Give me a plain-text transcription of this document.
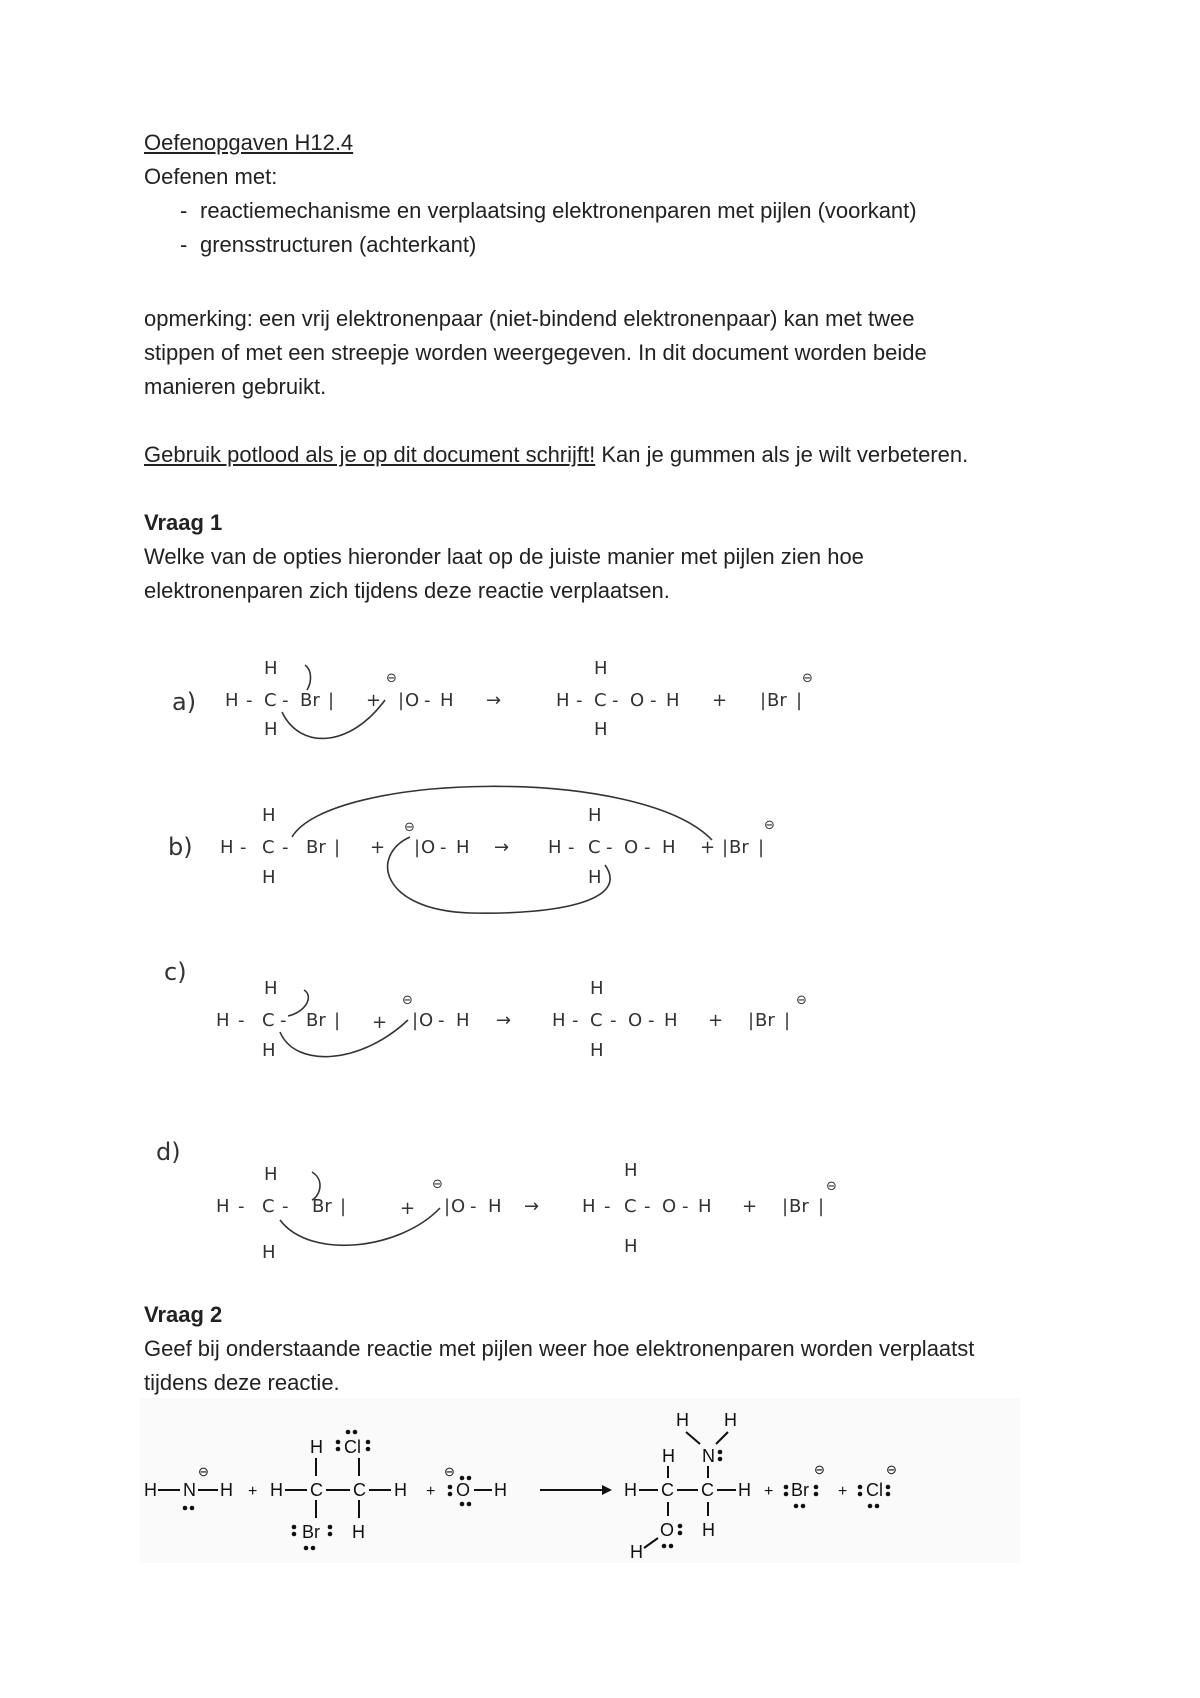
Oefenopgaven H12.4
Oefenen met:
- reactiemechanisme en verplaatsing elektronenparen met pijlen (voorkant)
- grensstructuren (achterkant)
opmerking: een vrij elektronenpaar (niet-bindend elektronenpaar) kan met twee
stippen of met een streepje worden weergegeven. In dit document worden beide
manieren gebruikt.
Gebruik potlood als je op dit document schrijft! Kan je gummen als je wilt verbeteren.
Vraag 1
Welke van de opties hieronder laat op de juiste manier met pijlen zien hoe
elektronenparen zich tijdens deze reactie verplaatsen.
a)
H
H - C - Br |
H
+
⊖
| O - H →
H
H - C - O - H
H
+ | Br |
⊖
b)
H
H - C - Br |
H
+
⊖
| O - H →
H
H - C - O - H
H
+ | Br |
⊖
c)
H
H - C - Br |
H
+
⊖
| O - H →
H
H - C - O - H
H
+ | Br |
⊖
d)
H
H - C - Br |
H
+
⊖
| O - H →
H
H - C - O - H
H
+ | Br |
⊖
Vraag 2
Geef bij onderstaande reactie met pijlen weer hoe elektronenparen worden verplaatst
tijdens deze reactie.
H N H
⊖
+ H C C H
H
Br
Cl
H
+
⊖
O H
H H
N
H
H C C H
O
H
H
+ Br
⊖
+ Cl
⊖
